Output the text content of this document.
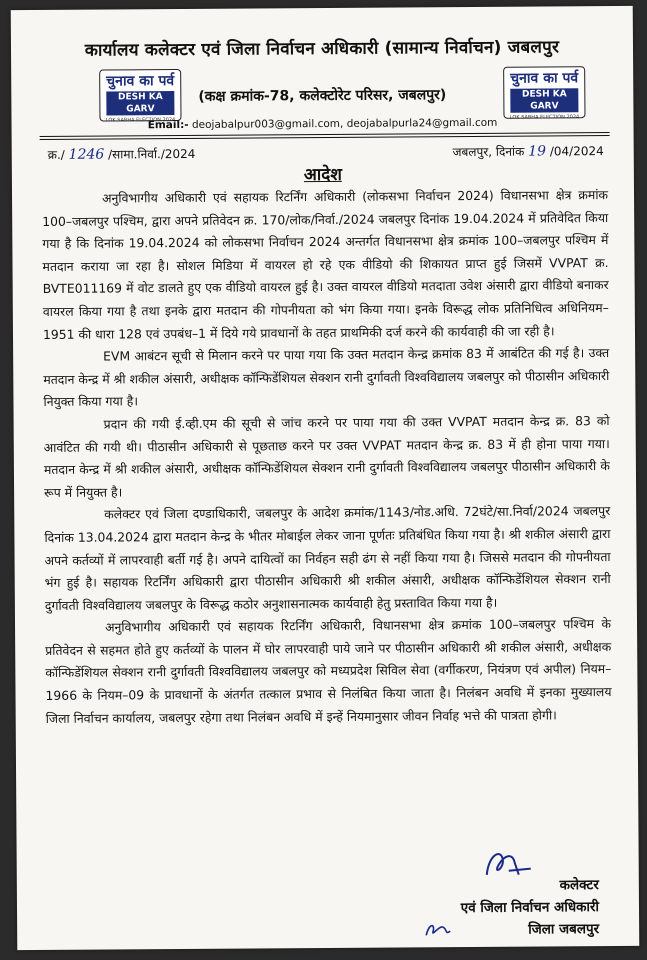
कार्यालय कलेक्टर एवं जिला निर्वाचन अधिकारी (सामान्य निर्वाचन) जबलपुर
चुनाव का पर्व
DESH KA GARV
LOK SABHA ELECTION 2024
(कक्ष क्रमांक-78, कलेक्टोरेट परिसर, जबलपुर)
चुनाव का पर्व
DESH KA GARV
LOK SABHA ELECTION 2024
Email:- deojabalpur003@gmail.com, deojabalpurla24@gmail.com
क्र./ 1246 /सामा.निर्वा./2024	जबलपुर, दिनांक 19 /04/2024
आदेश

अनुविभागीय अधिकारी एवं सहायक रिटर्निंग अधिकारी (लोकसभा निर्वाचन 2024) विधानसभा क्षेत्र क्रमांक 100–जबलपुर पश्चिम, द्वारा अपने प्रतिवेदन क्र. 170/लोक/निर्वा./2024 जबलपुर दिनांक 19.04.2024 में प्रतिवेदित किया गया है कि दिनांक 19.04.2024 को लोकसभा निर्वाचन 2024 अन्तर्गत विधानसभा क्षेत्र क्रमांक 100–जबलपुर पश्चिम में मतदान कराया जा रहा है। सोशल मिडिया में वायरल हो रहे एक वीडियो की शिकायत प्राप्त हुई जिसमें VVPAT क्र. BVTE011169 में वोट डालते हुए एक वीडियो वायरल हुई है। उक्त वायरल वीडियो मतदाता उवेश अंसारी द्वारा वीडियो बनाकर वायरल किया गया है तथा इनके द्वारा मतदान की गोपनीयता को भंग किया गया। इनके विरूद्ध लोक प्रतिनिधित्व अधिनियम–1951 की धारा 128 एवं उपबंध–1 में दिये गये प्रावधानों के तहत प्राथमिकी दर्ज करने की कार्यवाही की जा रही है।

EVM आबंटन सूची से मिलान करने पर पाया गया कि उक्त मतदान केन्द्र क्रमांक 83 में आबंटित की गई है। उक्त मतदान केन्द्र में श्री शकील अंसारी, अधीक्षक कॉन्फिडेंशियल सेक्शन रानी दुर्गावती विश्वविद्यालय जबलपुर को पीठासीन अधिकारी नियुक्त किया गया है।

प्रदान की गयी ई.व्ही.एम की सूची से जांच करने पर पाया गया की उक्त VVPAT मतदान केन्द्र क्र. 83 को आवंटित की गयी थी। पीठासीन अधिकारी से पूछताछ करने पर उक्त VVPAT मतदान केन्द्र क्र. 83 में ही होना पाया गया। मतदान केन्द्र में श्री शकील अंसारी, अधीक्षक कॉन्फिडेंशियल सेक्शन रानी दुर्गावती विश्वविद्यालय जबलपुर पीठासीन अधिकारी के रूप में नियुक्त है।

कलेक्टर एवं जिला दण्डाधिकारी, जबलपुर के आदेश क्रमांक/1143/नोड.अधि. 72घंटे/सा.निर्वा/2024 जबलपुर दिनांक 13.04.2024 द्वारा मतदान केन्द्र के भीतर मोबाईल लेकर जाना पूर्णतः प्रतिबंधित किया गया है। श्री शकील अंसारी द्वारा अपने कर्तव्यों में लापरवाही बर्ती गई है। अपने दायित्वों का निर्वहन सही ढंग से नहीं किया गया है। जिससे मतदान की गोपनीयता भंग हुई है। सहायक रिटर्निंग अधिकारी द्वारा पीठासीन अधिकारी श्री शकील अंसारी, अधीक्षक कॉन्फिडेंशियल सेक्शन रानी दुर्गावती विश्वविद्यालय जबलपुर के विरूद्ध कठोर अनुशासनात्मक कार्यवाही हेतु प्रस्तावित किया गया है।

अनुविभागीय अधिकारी एवं सहायक रिटर्निंग अधिकारी, विधानसभा क्षेत्र क्रमांक 100–जबलपुर पश्चिम के प्रतिवेदन से सहमत होते हुए कर्तव्यों के पालन में घोर लापरवाही पाये जाने पर पीठासीन अधिकारी श्री शकील अंसारी, अधीक्षक कॉन्फिडेंशियल सेक्शन रानी दुर्गावती विश्वविद्यालय जबलपुर को मध्यप्रदेश सिविल सेवा (वर्गीकरण, नियंत्रण एवं अपील) नियम–1966 के नियम–09 के प्रावधानों के अंतर्गत तत्काल प्रभाव से निलंबित किया जाता है। निलंबन अवधि में इनका मुख्यालय जिला निर्वाचन कार्यालय, जबलपुर रहेगा तथा निलंबन अवधि में इन्हें नियमानुसार जीवन निर्वाह भत्ते की पात्रता होगी।

कलेक्टर
एवं जिला निर्वाचन अधिकारी
जिला जबलपुर
